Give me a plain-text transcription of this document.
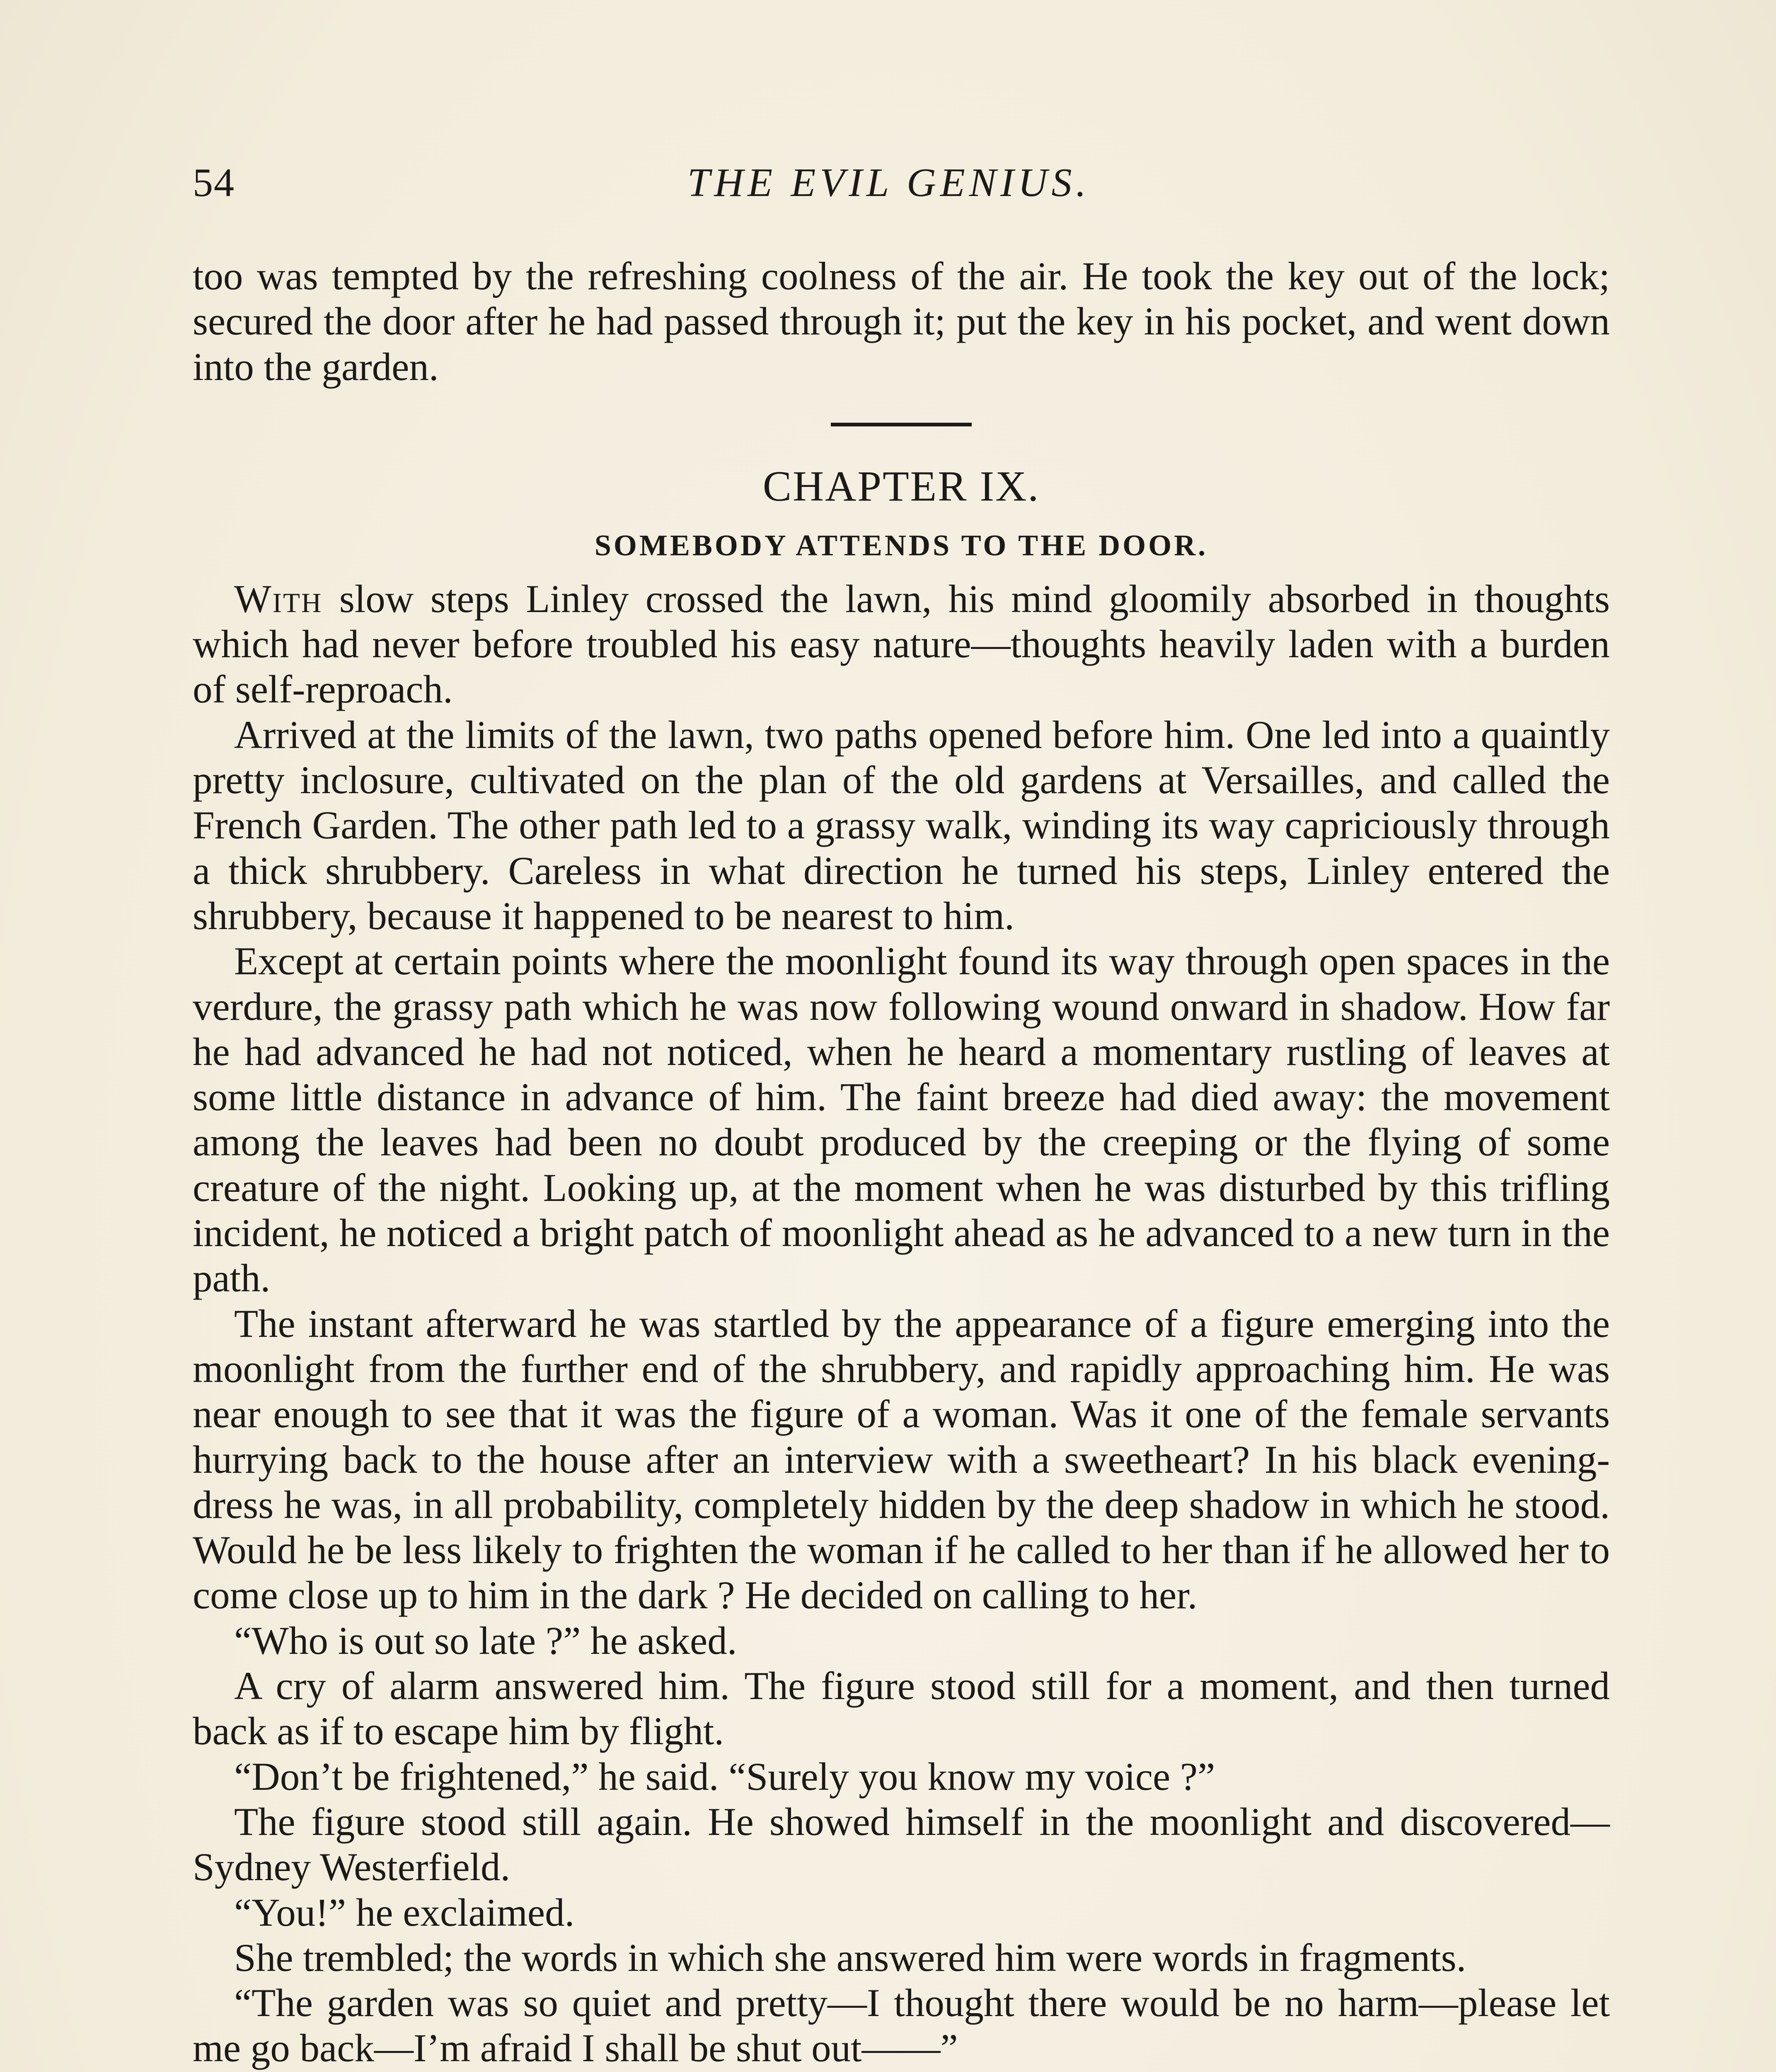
54	THE EVIL GENIUS.

too was tempted by the refreshing coolness of the air. He took the key out of the lock; secured the door after he had passed through it; put the key in his pocket, and went down into the garden.

CHAPTER IX.

SOMEBODY ATTENDS TO THE DOOR.

With slow steps Linley crossed the lawn, his mind gloomily absorbed in thoughts which had never before troubled his easy nature—thoughts heavily laden with a burden of self-reproach.

Arrived at the limits of the lawn, two paths opened before him. One led into a quaintly pretty inclosure, cultivated on the plan of the old gardens at Versailles, and called the French Garden. The other path led to a grassy walk, winding its way capriciously through a thick shrubbery. Careless in what direction he turned his steps, Linley entered the shrubbery, because it happened to be nearest to him.

Except at certain points where the moonlight found its way through open spaces in the verdure, the grassy path which he was now following wound onward in shadow. How far he had advanced he had not noticed, when he heard a momentary rustling of leaves at some little distance in advance of him. The faint breeze had died away: the movement among the leaves had been no doubt produced by the creeping or the flying of some creature of the night. Looking up, at the moment when he was disturbed by this trifling incident, he noticed a bright patch of moonlight ahead as he advanced to a new turn in the path.

The instant afterward he was startled by the appearance of a figure emerging into the moonlight from the further end of the shrubbery, and rapidly approaching him. He was near enough to see that it was the figure of a woman. Was it one of the female servants hurrying back to the house after an interview with a sweetheart? In his black evening-dress he was, in all probability, completely hidden by the deep shadow in which he stood. Would he be less likely to frighten the woman if he called to her than if he allowed her to come close up to him in the dark ? He decided on calling to her.

“Who is out so late ?” he asked.

A cry of alarm answered him. The figure stood still for a moment, and then turned back as if to escape him by flight.

“Don’t be frightened,” he said. “Surely you know my voice ?”

The figure stood still again. He showed himself in the moonlight and discovered—Sydney Westerfield.

“You!” he exclaimed.

She trembled; the words in which she answered him were words in fragments.

“The garden was so quiet and pretty—I thought there would be no harm—please let me go back—I’m afraid I shall be shut out——”
